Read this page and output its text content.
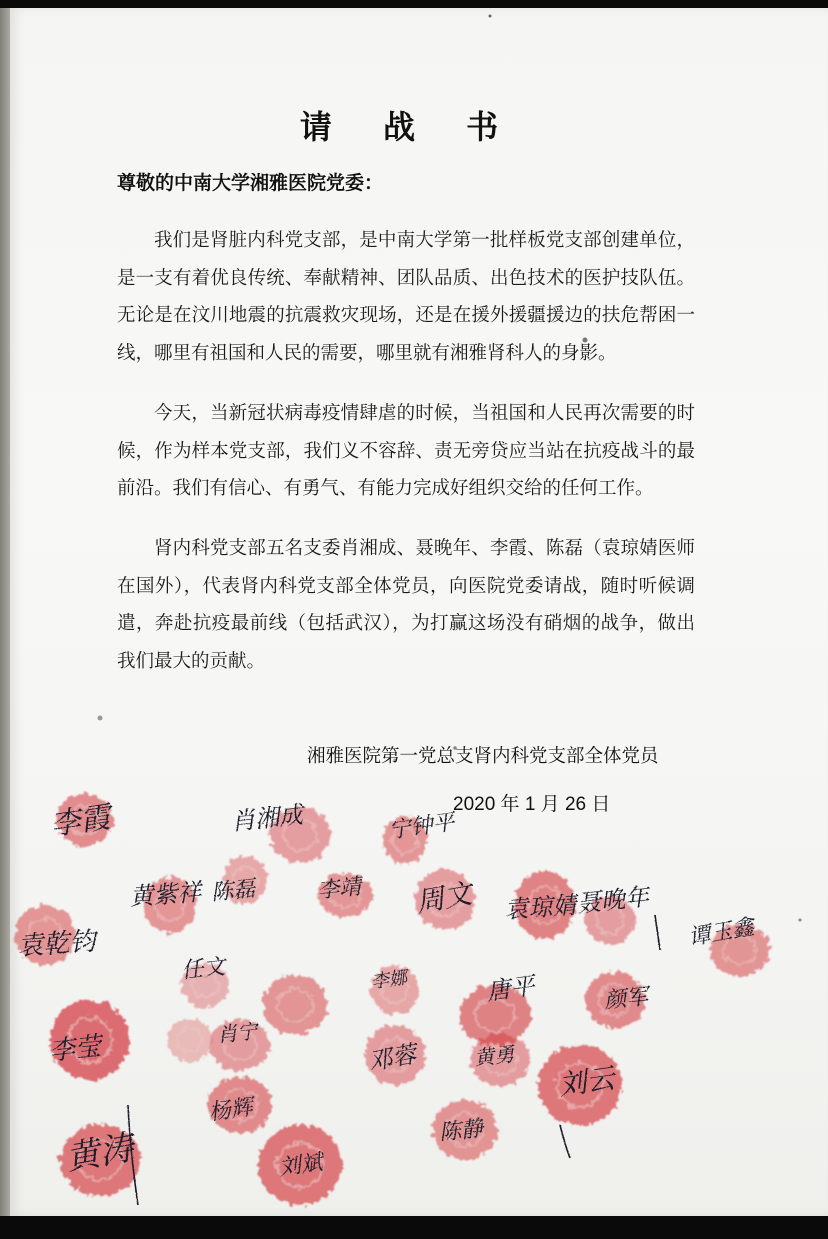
请 战 书
尊敬的中南大学湘雅医院党委：

我们是肾脏内科党支部，是中南大学第一批样板党支部创建单位，是一支有着优良传统、奉献精神、团队品质、出色技术的医护技队伍。无论是在汶川地震的抗震救灾现场，还是在援外援疆援边的扶危帮困一线，哪里有祖国和人民的需要，哪里就有湘雅肾科人的身影。

今天，当新冠状病毒疫情肆虐的时候，当祖国和人民再次需要的时候，作为样本党支部，我们义不容辞、责无旁贷应当站在抗疫战斗的最前沿。我们有信心、有勇气、有能力完成好组织交给的任何工作。

肾内科党支部五名支委肖湘成、聂晚年、李霞、陈磊（袁琼婧医师在国外），代表肾内科党支部全体党员，向医院党委请战，随时听候调遣，奔赴抗疫最前线（包括武汉），为打赢这场没有硝烟的战争，做出我们最大的贡献。

湘雅医院第一党总支肾内科党支部全体党员
2020 年 1 月 26 日
李霞	肖湘成	宁钟平
黄紫祥 陈磊	李靖 周文 袁琼婧
聂晚年
谭玉鑫
袁乾钧
任文	李娜	唐平	颜军
李莹	肖宁
邓蓉	黄勇
刘云
杨辉
刘斌
陈静
黄涛
